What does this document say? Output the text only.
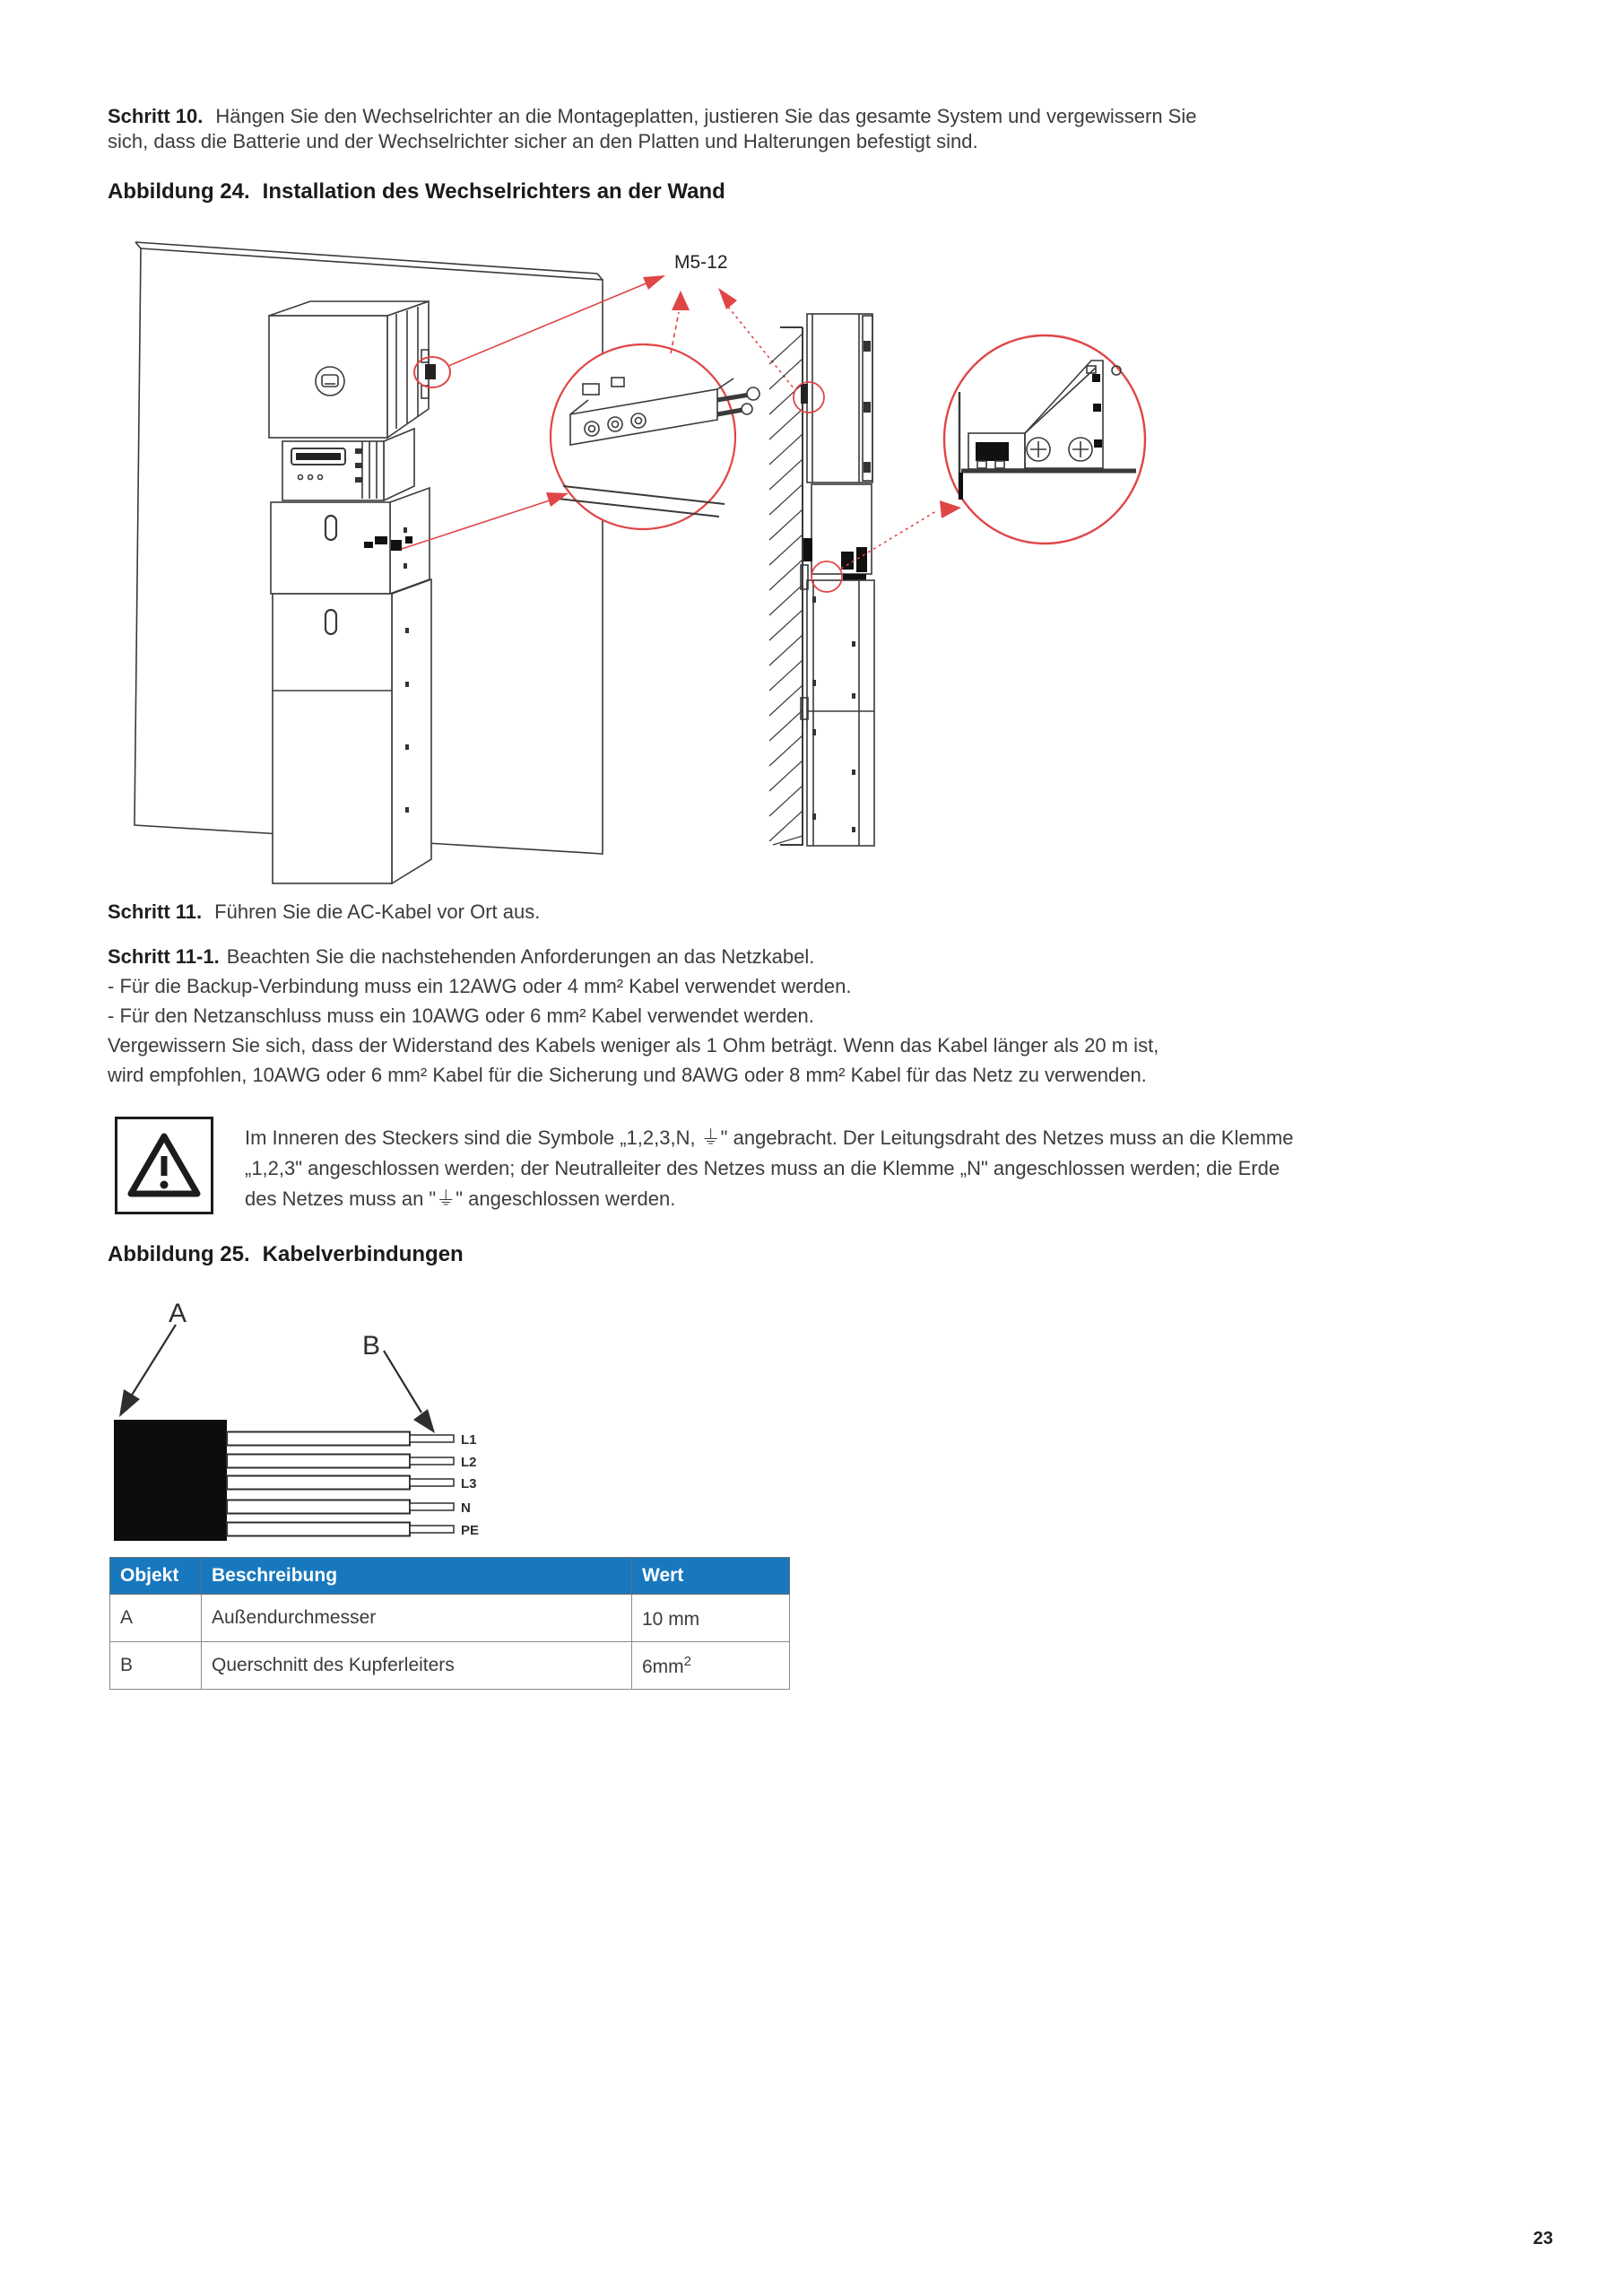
Schritt 10. Hängen Sie den Wechselrichter an die Montageplatten, justieren Sie das gesamte System und vergewissern Sie
sich, dass die Batterie und der Wechselrichter sicher an den Platten und Halterungen befestigt sind.
Abbildung 24. Installation des Wechselrichters an der Wand
M5-12
Schritt 11. Führen Sie die AC-Kabel vor Ort aus.
Schritt 11-1. Beachten Sie die nachstehenden Anforderungen an das Netzkabel.
- Für die Backup-Verbindung muss ein 12AWG oder 4 mm² Kabel verwendet werden.
- Für den Netzanschluss muss ein 10AWG oder 6 mm² Kabel verwendet werden.
Vergewissern Sie sich, dass der Widerstand des Kabels weniger als 1 Ohm beträgt. Wenn das Kabel länger als 20 m ist,
wird empfohlen, 10AWG oder 6 mm² Kabel für die Sicherung und 8AWG oder 8 mm² Kabel für das Netz zu verwenden.
Im Inneren des Steckers sind die Symbole „1,2,3,N, ⏚" angebracht. Der Leitungsdraht des Netzes muss an die Klemme
„1,2,3" angeschlossen werden; der Neutralleiter des Netzes muss an die Klemme „N" angeschlossen werden; die Erde
des Netzes muss an "⏚" angeschlossen werden.
Abbildung 25. Kabelverbindungen
A
B
L1
L2
L3
N
PE
Objekt	Beschreibung	Wert
A	Außendurchmesser	10 mm
B	Querschnitt des Kupferleiters	$6mm^2$
23
